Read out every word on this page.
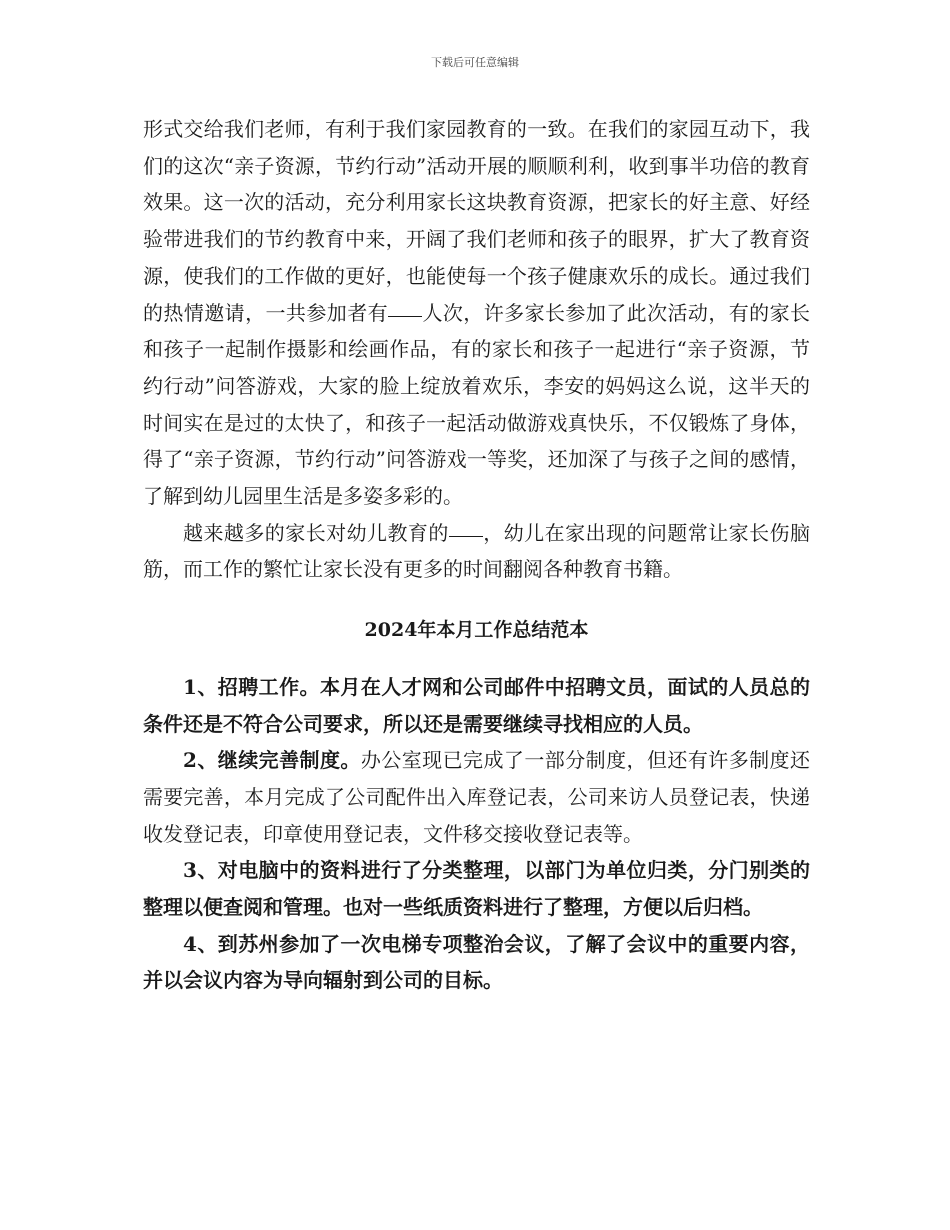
下载后可任意编辑

形式交给我们老师，有利于我们家园教育的一致。在我们的家园互动下，我们的这次“亲子资源，节约行动”活动开展的顺顺利利，收到事半功倍的教育效果。这一次的活动，充分利用家长这块教育资源，把家长的好主意、好经验带进我们的节约教育中来，开阔了我们老师和孩子的眼界，扩大了教育资源，使我们的工作做的更好，也能使每一个孩子健康欢乐的成长。通过我们的热情邀请，一共参加者有 人次，许多家长参加了此次活动，有的家长和孩子一起制作摄影和绘画作品，有的家长和孩子一起进行“亲子资源，节约行动”问答游戏，大家的脸上绽放着欢乐，李安的妈妈这么说，这半天的时间实在是过的太快了，和孩子一起活动做游戏真快乐，不仅锻炼了身体，得了“亲子资源，节约行动”问答游戏一等奖，还加深了与孩子之间的感情，了解到幼儿园里生活是多姿多彩的。

越来越多的家长对幼儿教育的 ，幼儿在家出现的问题常让家长伤脑筋，而工作的繁忙让家长没有更多的时间翻阅各种教育书籍。

2024年本月工作总结范本

1、招聘工作。本月在人才网和公司邮件中招聘文员，面试的人员总的条件还是不符合公司要求，所以还是需要继续寻找相应的人员。

2、继续完善制度。办公室现已完成了一部分制度，但还有许多制度还需要完善，本月完成了公司配件出入库登记表，公司来访人员登记表，快递收发登记表，印章使用登记表，文件移交接收登记表等。

3、对电脑中的资料进行了分类整理，以部门为单位归类，分门别类的整理以便查阅和管理。也对一些纸质资料进行了整理，方便以后归档。

4、到苏州参加了一次电梯专项整治会议，了解了会议中的重要内容，并以会议内容为导向辐射到公司的目标。
